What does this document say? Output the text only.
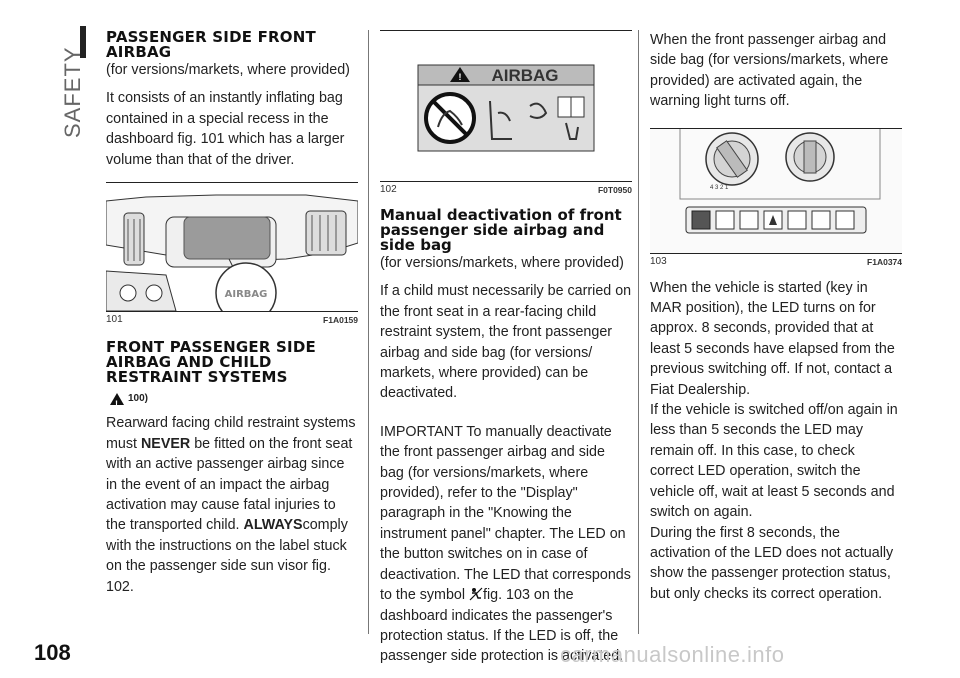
SAFETY
PASSENGER SIDE FRONT AIRBAG

(for versions/markets, where provided)

It consists of an instantly inflating bag contained in a special recess in the dashboard fig. 101 which has a larger volume than that of the driver.

AIRBAG
101	F1A0159
FRONT PASSENGER SIDE AIRBAG AND CHILD RESTRAINT SYSTEMS
!
100)

Rearward facing child restraint systems must NEVER be fitted on the front seat with an active passenger airbag since in the event of an impact the airbag activation may cause fatal injuries to the transported child. ALWAYScomply with the instructions on the label stuck on the passenger side sun visor fig. 102.

! AIRBAG
102	F0T0950
Manual deactivation of front passenger side airbag and side bag

(for versions/markets, where provided)

If a child must necessarily be carried on the front seat in a rear-facing child restraint system, the front passenger airbag and side bag (for versions/ markets, where provided) can be deactivated.

IMPORTANT To manually deactivate the front passenger airbag and side bag (for versions/markets, where provided), refer to the "Display" paragraph in the "Knowing the instrument panel" chapter. The LED on the button switches on in case of deactivation. The LED that corresponds to the symbol fig. 103 on the dashboard indicates the passenger's protection status. If the LED is off, the passenger side protection is activated.

When the front passenger airbag and side bag (for versions/markets, where provided) are activated again, the warning light turns off.

4 3 2 1
103	F1A0374

When the vehicle is started (key in MAR position), the LED turns on for approx. 8 seconds, provided that at least 5 seconds have elapsed from the previous switching off. If not, contact a Fiat Dealership.

If the vehicle is switched off/on again in less than 5 seconds the LED may remain off. In this case, to check correct LED operation, switch the vehicle off, wait at least 5 seconds and switch on again.

During the first 8 seconds, the activation of the LED does not actually show the passenger protection status, but only checks its correct operation.

108	carmanualsonline.info
